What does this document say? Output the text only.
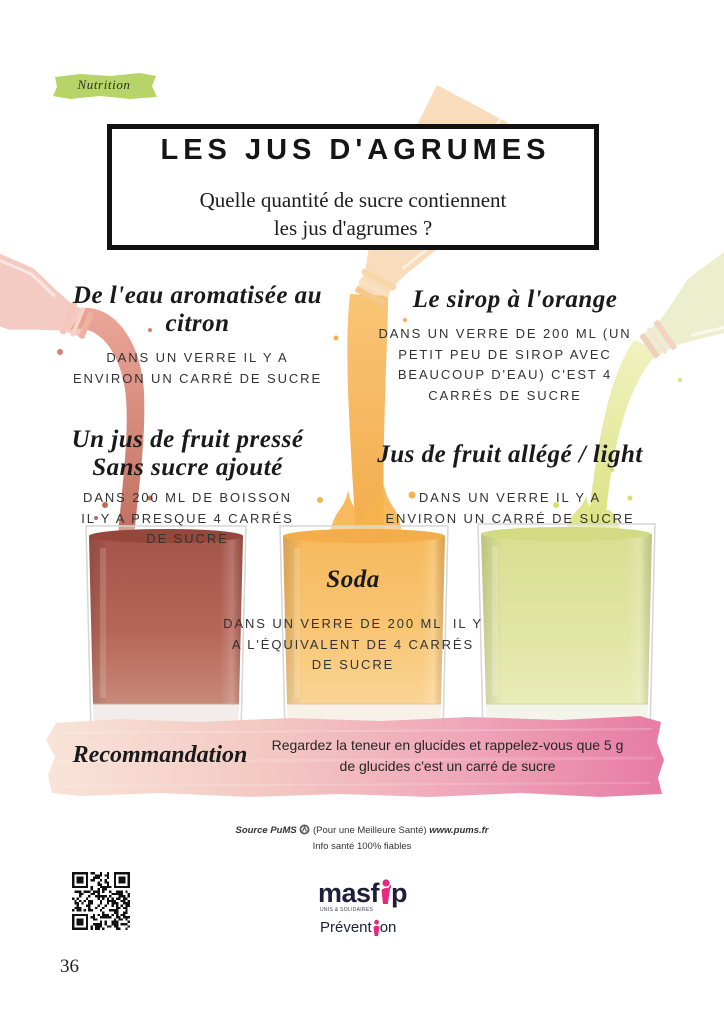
Nutrition
LES JUS D'AGRUMES
Quelle quantité de sucre contiennent
les jus d'agrumes ?
De l'eau aromatisée au
citron
DANS UN VERRE IL Y A
ENVIRON UN CARRÉ DE SUCRE
Le sirop à l'orange
DANS UN VERRE DE 200 ML (UN
PETIT PEU DE SIROP AVEC
BEAUCOUP D'EAU) C'EST 4
CARRÉS DE SUCRE
Un jus de fruit pressé
Sans sucre ajouté
DANS 200 ML DE BOISSON
IL Y A PRESQUE 4 CARRÉS
DE SUCRE
Jus de fruit allégé / light
DANS UN VERRE IL Y A
ENVIRON UN CARRÉ DE SUCRE
Soda
DANS UN VERRE DE 200 ML  IL Y
A L'ÉQUIVALENT DE 4 CARRÉS
DE SUCRE
Recommandation	Regardez la teneur en glucides et rappelez-vous que 5 g
de glucides c'est un carré de sucre
Source PuMS (Pour une Meilleure Santé) www.pums.fr
Info santé 100% fiables
masf p
UNIS & SOLIDAIRES
Prévent on
36
